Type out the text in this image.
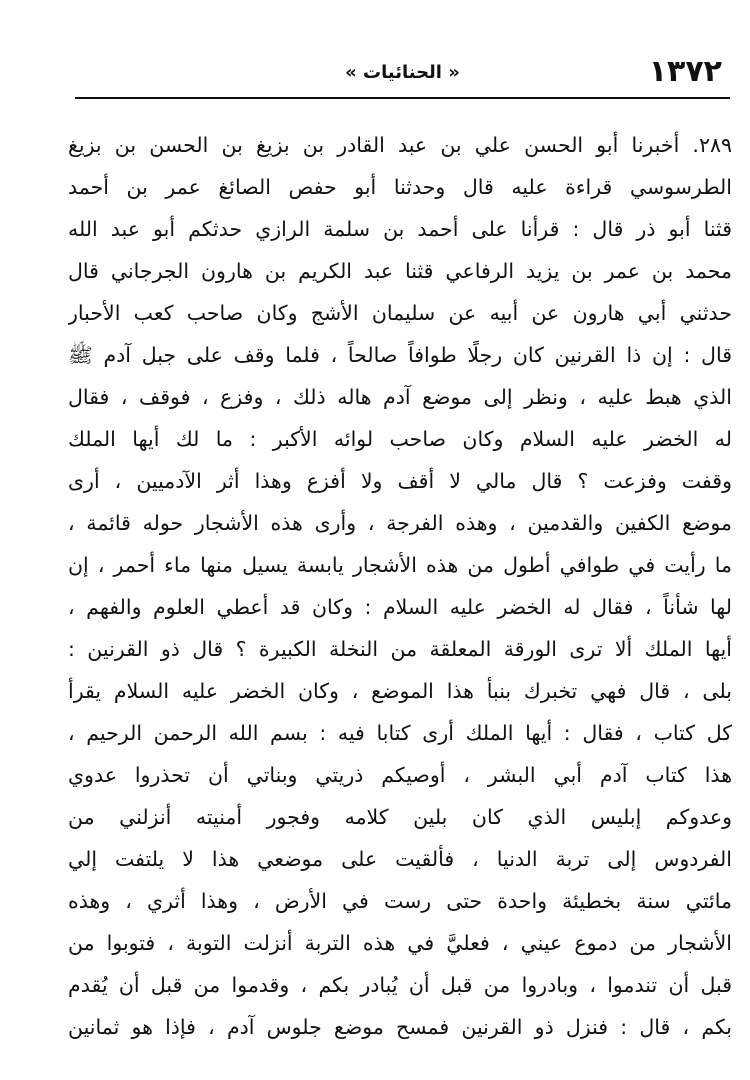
١٣٧٢
« الحنائيات »
٢٨٩. أخبرنا أبو الحسن علي بن عبد القادر بن بزيغ بن الحسن بن بزيغ
الطرسوسي قراءة عليه قال وحدثنا أبو حفص الصائغ عمر بن أحمد
قثنا أبو ذر قال : قرأنا على أحمد بن سلمة الرازي حدثكم أبو عبد الله
محمد بن عمر بن يزيد الرفاعي قثنا عبد الكريم بن هارون الجرجاني قال
حدثني أبي هارون عن أبيه عن سليمان الأشج وكان صاحب كعب الأحبار
قال : إن ذا القرنين كان رجلًا طوافاً صالحاً ، فلما وقف على جبل آدم ﷺ
الذي هبط عليه ، ونظر إلى موضع آدم هاله ذلك ، وفزع ، فوقف ، فقال
له الخضر عليه السلام وكان صاحب لوائه الأكبر : ما لك أيها الملك
وقفت وفزعت ؟ قال مالي لا أقف ولا أفزع وهذا أثر الآدميين ، أرى
موضع الكفين والقدمين ، وهذه الفرجة ، وأرى هذه الأشجار حوله قائمة ،
ما رأيت في طوافي أطول من هذه الأشجار يابسة يسيل منها ماء أحمر ، إن
لها شأناً ، فقال له الخضر عليه السلام : وكان قد أعطي العلوم والفهم ،
أيها الملك ألا ترى الورقة المعلقة من النخلة الكبيرة ؟ قال ذو القرنين :
بلى ، قال فهي تخبرك بنبأ هذا الموضع ، وكان الخضر عليه السلام يقرأ
كل كتاب ، فقال : أيها الملك أرى كتابا فيه : بسم الله الرحمن الرحيم ،
هذا كتاب آدم أبي البشر ، أوصيكم ذريتي وبناتي أن تحذروا عدوي
وعدوكم إبليس الذي كان بلين كلامه وفجور أمنيته أنزلني من
الفردوس إلى تربة الدنيا ، فألقيت على موضعي هذا لا يلتفت إلي
مائتي سنة بخطيئة واحدة حتى رست في الأرض ، وهذا أثري ، وهذه
الأشجار من دموع عيني ، فعليَّ في هذه التربة أنزلت التوبة ، فتوبوا من
قبل أن تندموا ، وبادروا من قبل أن يُبادر بكم ، وقدموا من قبل أن يُقدم
بكم ، قال : فنزل ذو القرنين فمسح موضع جلوس آدم ، فإذا هو ثمانين
